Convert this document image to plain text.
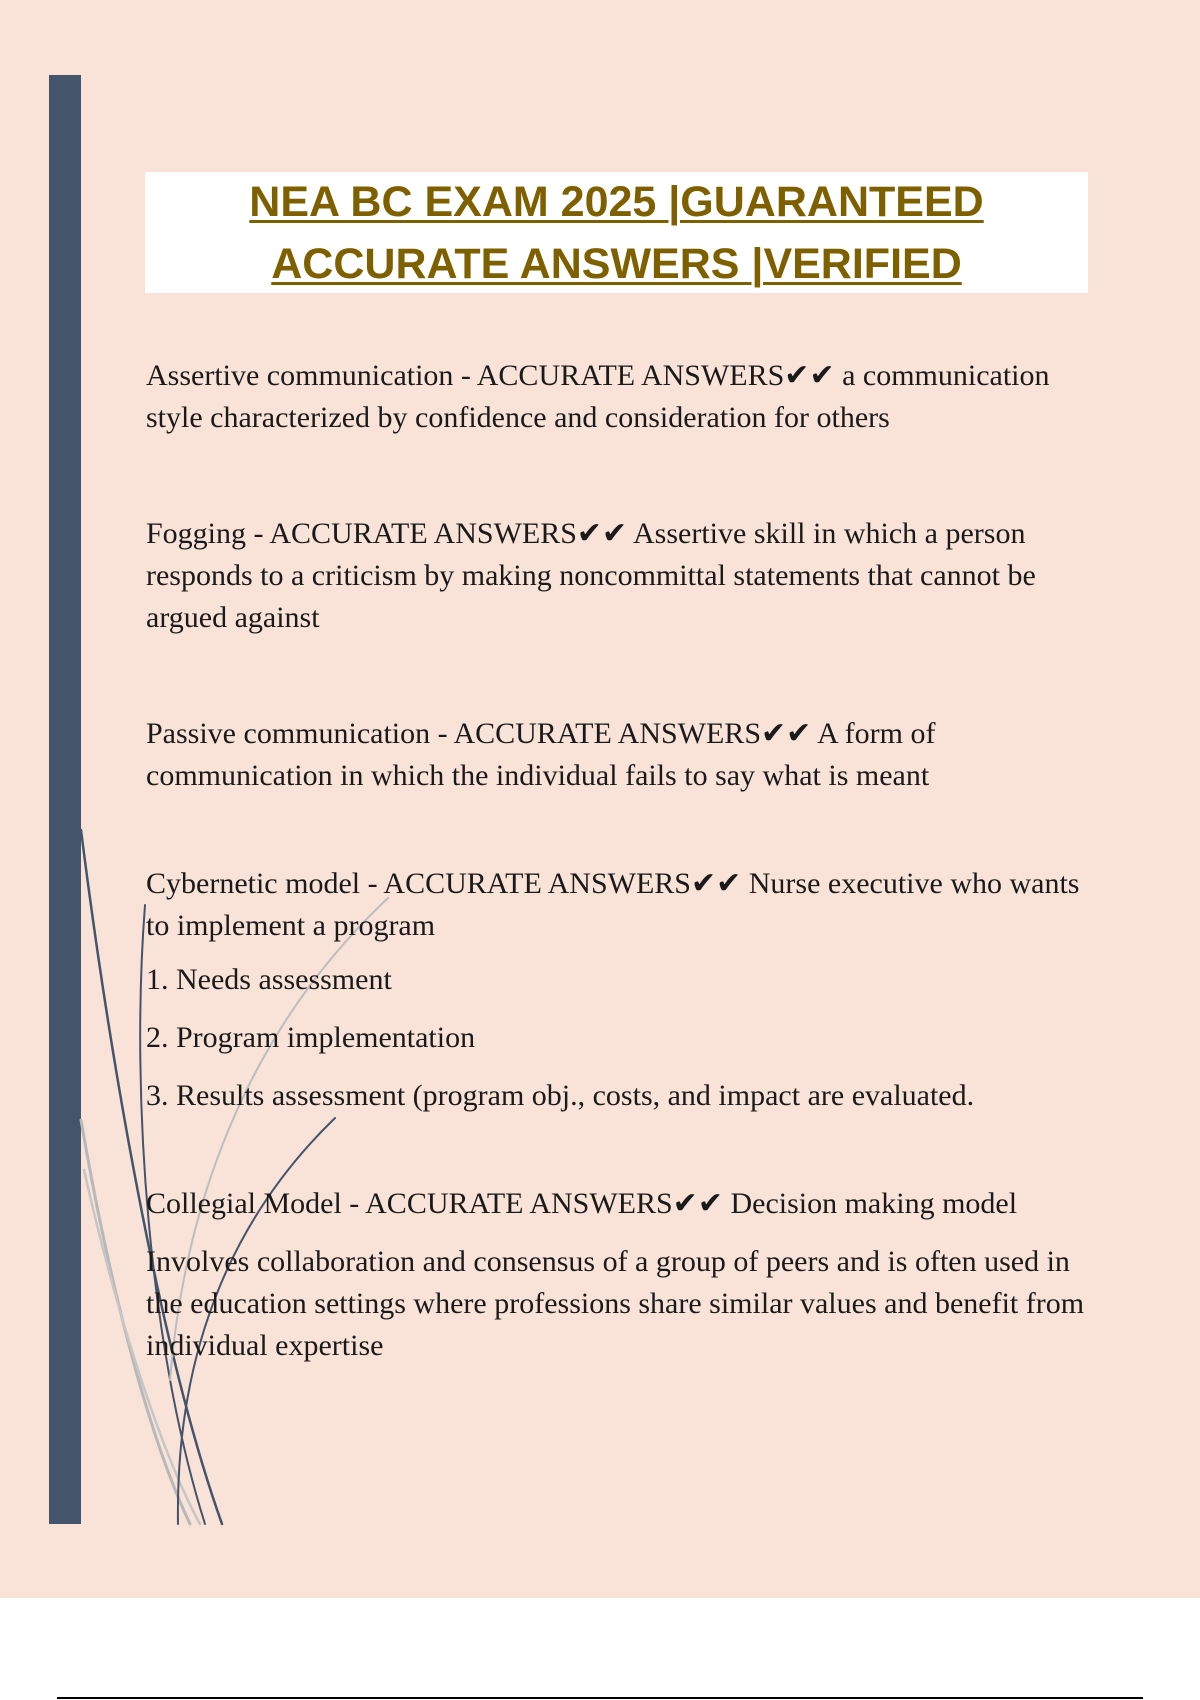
NEA BC EXAM 2025 |GUARANTEED
ACCURATE ANSWERS |VERIFIED

Assertive communication - ACCURATE ANSWERS✔✔ a communication style characterized by confidence and consideration for others

Fogging - ACCURATE ANSWERS✔✔ Assertive skill in which a person responds to a criticism by making noncommittal statements that cannot be argued against

Passive communication - ACCURATE ANSWERS✔✔ A form of communication in which the individual fails to say what is meant

Cybernetic model - ACCURATE ANSWERS✔✔ Nurse executive who wants to implement a program

1. Needs assessment

2. Program implementation

3. Results assessment (program obj., costs, and impact are evaluated.

Collegial Model - ACCURATE ANSWERS✔✔ Decision making model

Involves collaboration and consensus of a group of peers and is often used in the education settings where professions share similar values and benefit from individual expertise
